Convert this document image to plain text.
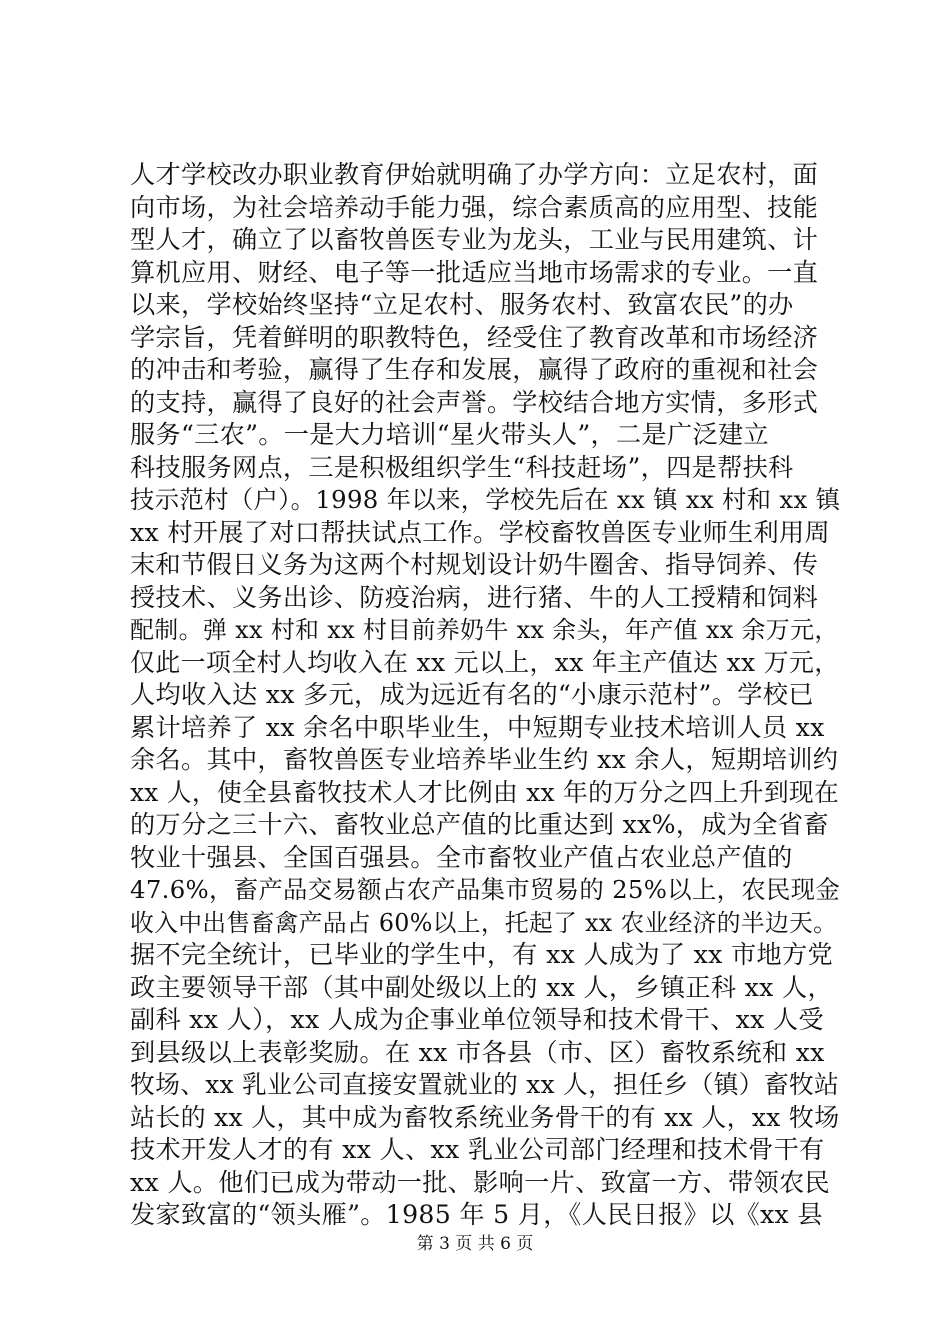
人才学校改办职业教育伊始就明确了办学方向：立足农村，面
向市场，为社会培养动手能力强，综合素质高的应用型、技能
型人才，确立了以畜牧兽医专业为龙头，工业与民用建筑、计
算机应用、财经、电子等一批适应当地市场需求的专业。一直
以来，学校始终坚持“立足农村、服务农村、致富农民”的办
学宗旨，凭着鲜明的职教特色，经受住了教育改革和市场经济
的冲击和考验，赢得了生存和发展，赢得了政府的重视和社会
的支持，赢得了良好的社会声誉。学校结合地方实情，多形式
服务“三农”。一是大力培训“星火带头人”，二是广泛建立
科技服务网点，三是积极组织学生“科技赶场”，四是帮扶科
技示范村（户）。1998 年以来，学校先后在 xx 镇 xx 村和 xx 镇
xx 村开展了对口帮扶试点工作。学校畜牧兽医专业师生利用周
末和节假日义务为这两个村规划设计奶牛圈舍、指导饲养、传
授技术、义务出诊、防疫治病，进行猪、牛的人工授精和饲料
配制。弹 xx 村和 xx 村目前养奶牛 xx 余头，年产值 xx 余万元，
仅此一项全村人均收入在 xx 元以上，xx 年主产值达 xx 万元，
人均收入达 xx 多元，成为远近有名的“小康示范村”。学校已
累计培养了 xx 余名中职毕业生，中短期专业技术培训人员 xx
余名。其中，畜牧兽医专业培养毕业生约 xx 余人，短期培训约
xx 人，使全县畜牧技术人才比例由 xx 年的万分之四上升到现在
的万分之三十六、畜牧业总产值的比重达到 xx%，成为全省畜
牧业十强县、全国百强县。全市畜牧业产值占农业总产值的
47.6%，畜产品交易额占农产品集市贸易的 25%以上，农民现金
收入中出售畜禽产品占 60%以上，托起了 xx 农业经济的半边天。
据不完全统计，已毕业的学生中，有 xx 人成为了 xx 市地方党
政主要领导干部（其中副处级以上的 xx 人，乡镇正科 xx 人，
副科 xx 人），xx 人成为企事业单位领导和技术骨干、xx 人受
到县级以上表彰奖励。在 xx 市各县（市、区）畜牧系统和 xx
牧场、xx 乳业公司直接安置就业的 xx 人，担任乡（镇）畜牧站
站长的 xx 人，其中成为畜牧系统业务骨干的有 xx 人，xx 牧场
技术开发人才的有 xx 人、xx 乳业公司部门经理和技术骨干有
xx 人。他们已成为带动一批、影响一片、致富一方、带领农民
发家致富的“领头雁”。1985 年 5 月，《人民日报》以《xx 县
第 3 页 共 6 页
